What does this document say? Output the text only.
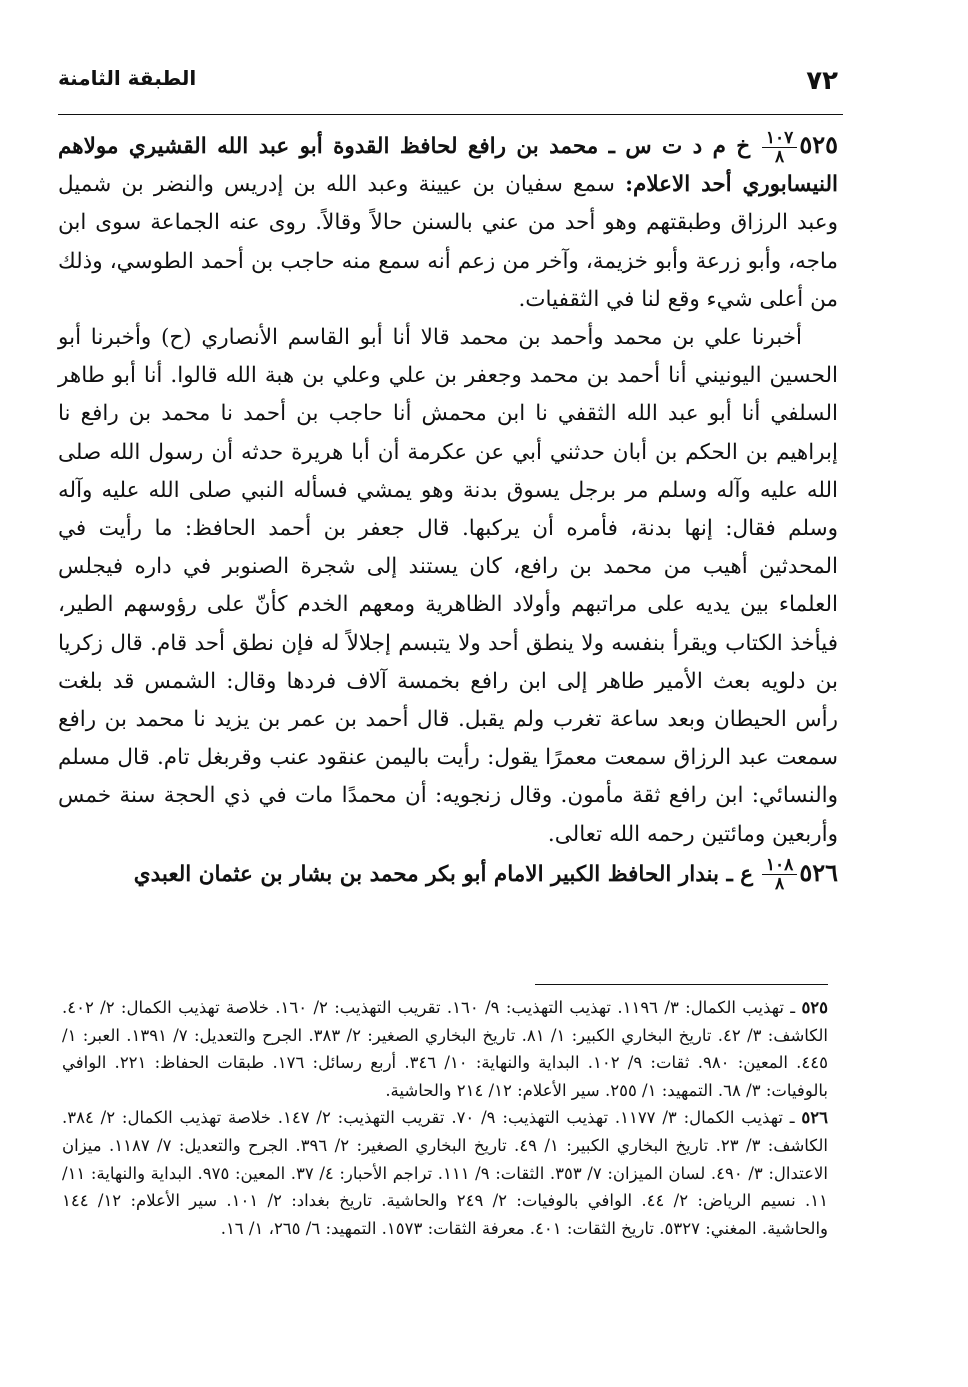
٧٢
الطبقة الثامنة

٥٢٥
$\frac{١٠٧}{٨}$
خ م د ت س ـ محمد بن رافع لحافظ القدوة أبو عبد الله القشيري مولاهم النيسابوري أحد الاعلام: سمع سفيان بن عيينة وعبد الله بن إدريس والنضر بن شميل وعبد الرزاق وطبقتهم وهو أحد من عني بالسنن حالاً وقالاً. روى عنه الجماعة سوى ابن ماجه، وأبو زرعة وأبو خزيمة، وآخر من زعم أنه سمع منه حاجب بن أحمد الطوسي، وذلك من أعلى شيء وقع لنا في الثقفيات.

أخبرنا علي بن محمد وأحمد بن محمد قالا أنا أبو القاسم الأنصاري (ح) وأخبرنا أبو الحسين اليونيني أنا أحمد بن محمد وجعفر بن علي وعلي بن هبة الله قالوا. أنا أبو طاهر السلفي أنا أبو عبد الله الثقفي نا ابن محمش أنا حاجب بن أحمد نا محمد بن رافع نا إبراهيم بن الحكم بن أبان حدثني أبي عن عكرمة أن أبا هريرة حدثه أن رسول الله صلى الله عليه وآله وسلم مر برجل يسوق بدنة وهو يمشي فسأله النبي صلى الله عليه وآله وسلم فقال: إنها بدنة، فأمره أن يركبها. قال جعفر بن أحمد الحافظ: ما رأيت في المحدثين أهيب من محمد بن رافع، كان يستند إلى شجرة الصنوبر في داره فيجلس العلماء بين يديه على مراتبهم وأولاد الظاهرية ومعهم الخدم كأنّ على رؤوسهم الطير، فيأخذ الكتاب ويقرأ بنفسه ولا ينطق أحد ولا يتبسم إجلالاً له فإن نطق أحد قام. قال زكريا بن دلويه بعث الأمير طاهر إلى ابن رافع بخمسة آلاف فردها وقال: الشمس قد بلغت رأس الحيطان وبعد ساعة تغرب ولم يقبل. قال أحمد بن عمر بن يزيد نا محمد بن رافع سمعت عبد الرزاق سمعت معمرًا يقول: رأيت باليمن عنقود عنب وقربغل تام. قال مسلم والنسائي: ابن رافع ثقة مأمون. وقال زنجويه: أن محمدًا مات في ذي الحجة سنة خمس وأربعين ومائتين رحمه الله تعالى.

٥٢٦
$\frac{١٠٨}{٨}$
ع ـ بندار الحافظ الكبير الامام أبو بكر محمد بن بشار بن عثمان العبدي

٥٢٥ ـ تهذيب الكمال: ٣/ ١١٩٦. تهذيب التهذيب: ٩/ ١٦٠. تقريب التهذيب: ٢/ ١٦٠. خلاصة تهذيب الكمال: ٢/ ٤٠٢. الكاشف: ٣/ ٤٢. تاريخ البخاري الكبير: ١/ ٨١. تاريخ البخاري الصغير: ٢/ ٣٨٣. الجرح والتعديل: ٧/ ١٣٩١. العبر: ١/ ٤٤٥. المعين: ٩٨٠. ثقات: ٩/ ١٠٢. البداية والنهاية: ١٠/ ٣٤٦. أربع رسائل: ١٧٦. طبقات الحفاظ: ٢٢١. الوافي بالوفيات: ٣/ ٦٨. التمهيد: ١/ ٢٥٥. سير الأعلام: ١٢/ ٢١٤ والحاشية.

٥٢٦ ـ تهذيب الكمال: ٣/ ١١٧٧. تهذيب التهذيب: ٩/ ٧٠. تقريب التهذيب: ٢/ ١٤٧. خلاصة تهذيب الكمال: ٢/ ٣٨٤. الكاشف: ٣/ ٢٣. تاريخ البخاري الكبير: ١/ ٤٩. تاريخ البخاري الصغير: ٢/ ٣٩٦. الجرح والتعديل: ٧/ ١١٨٧. ميزان الاعتدال: ٣/ ٤٩٠. لسان الميزان: ٧/ ٣٥٣. الثقات: ٩/ ١١١. تراجم الأحبار: ٤/ ٣٧. المعين: ٩٧٥. البداية والنهاية: ١١/ ١١. نسيم الرياض: ٢/ ٤٤. الوافي بالوفيات: ٢/ ٢٤٩ والحاشية. تاريخ بغداد: ٢/ ١٠١. سير الأعلام: ١٢/ ١٤٤ والحاشية. المغني: ٥٣٢٧. تاريخ الثقات: ٤٠١. معرفة الثقات: ١٥٧٣. التمهيد: ٦/ ٢٦٥، ١/ ١٦.
